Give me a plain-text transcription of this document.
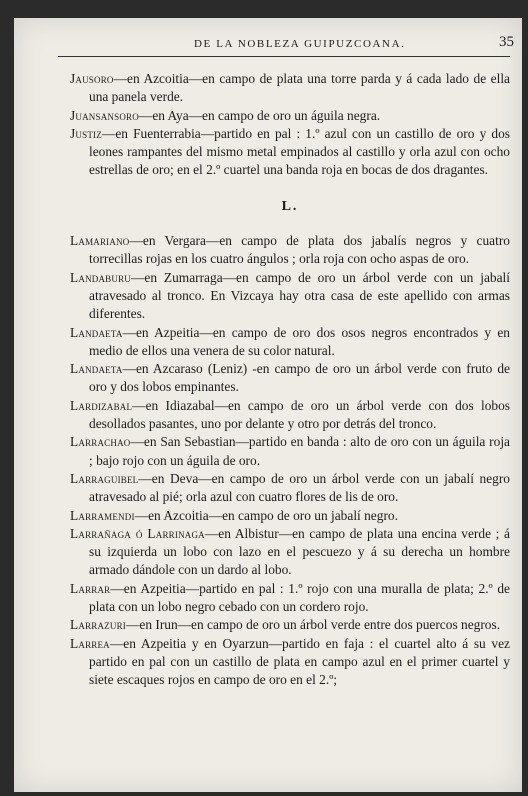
DE LA NOBLEZA GUIPUZCOANA.	35

Jausoro—en Azcoitia—en campo de plata una torre parda y á cada lado de ella una panela verde.

Juansansoro—en Aya—en campo de oro un águila negra.

Justiz—en Fuenterrabia—partido en pal : 1.º azul con un castillo de oro y dos leones rampantes del mismo metal empinados al castillo y orla azul con ocho estrellas de oro; en el 2.º cuartel una banda roja en bocas de dos dragantes.

L.

Lamariano—en Vergara—en campo de plata dos jabalís negros y cuatro torrecillas rojas en los cuatro ángulos ; orla roja con ocho aspas de oro.

Landaburu—en Zumarraga—en campo de oro un árbol verde con un jabalí atravesado al tronco. En Vizcaya hay otra casa de este apellido con armas diferentes.

Landaeta—en Azpeitia—en campo de oro dos osos negros encontrados y en medio de ellos una venera de su color natural.

Landaeta—en Azcaraso (Leniz) -en campo de oro un árbol verde con fruto de oro y dos lobos empinantes.

Lardizabal—en Idiazabal—en campo de oro un árbol verde con dos lobos desollados pasantes, uno por delante y otro por detrás del tronco.

Larrachao—en San Sebastian—partido en banda : alto de oro con un águila roja ; bajo rojo con un águila de oro.

Larraguibel—en Deva—en campo de oro un árbol verde con un jabalí negro atravesado al pié; orla azul con cuatro flores de lis de oro.

Larramendi—en Azcoitia—en campo de oro un jabalí negro.

Larrañaga ó Larrinaga—en Albistur—en campo de plata una encina verde ; á su izquierda un lobo con lazo en el pescuezo y á su derecha un hombre armado dándole con un dardo al lobo.

Larrar—en Azpeitia—partido en pal : 1.º rojo con una muralla de plata; 2.º de plata con un lobo negro cebado con un cordero rojo.

Larrazuri—en Irun—en campo de oro un árbol verde entre dos puercos negros.

Larrea—en Azpeitia y en Oyarzun—partido en faja : el cuartel alto á su vez partido en pal con un castillo de plata en campo azul en el primer cuartel y siete escaques rojos en campo de oro en el 2.º;
